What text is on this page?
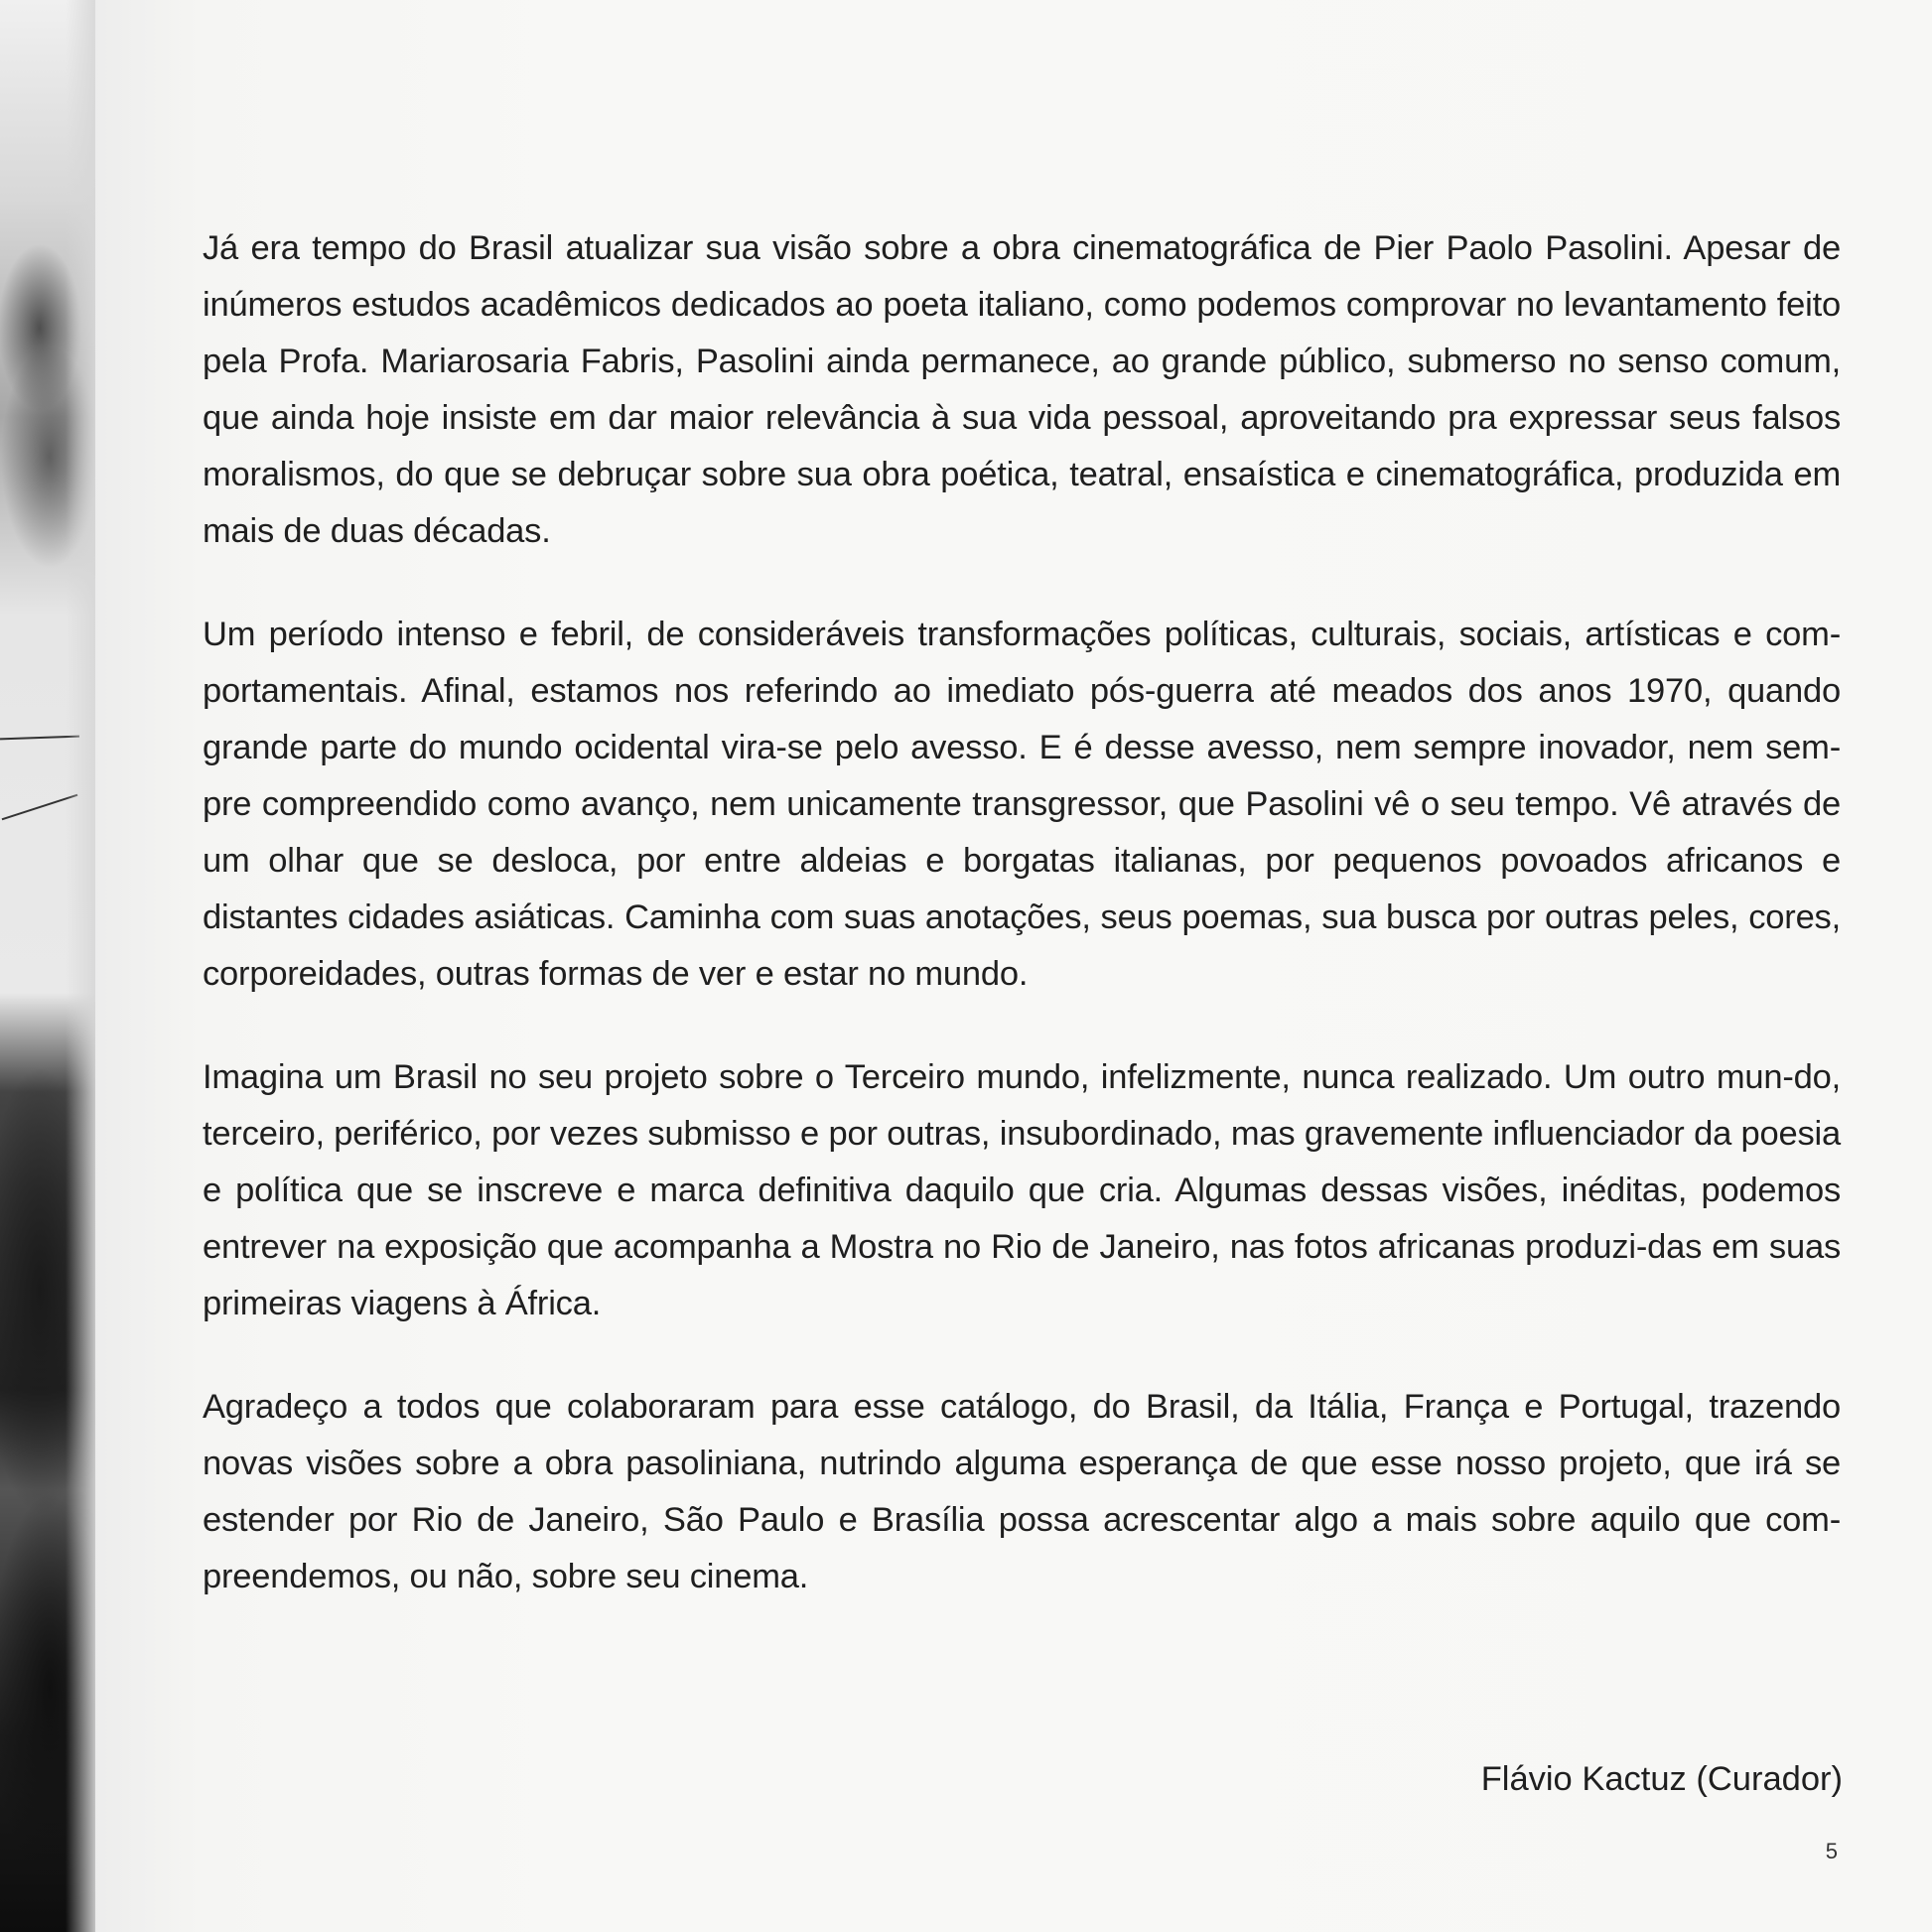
Já era tempo do Brasil atualizar sua visão sobre a obra cinematográfica de Pier Paolo Pasolini. Apesar de inúmeros estudos acadêmicos dedicados ao poeta italiano, como podemos comprovar no levantamento feito pela Profa. Mariarosaria Fabris, Pasolini ainda permanece, ao grande público, submerso no senso comum, que ainda hoje insiste em dar maior relevância à sua vida pessoal, aproveitando pra expressar seus falsos moralismos, do que se debruçar sobre sua obra poética, teatral, ensaística e cinematográfica, produzida em mais de duas décadas.

Um período intenso e febril, de consideráveis transformações políticas, culturais, sociais, artísticas e com-portamentais. Afinal, estamos nos referindo ao imediato pós-guerra até meados dos anos 1970, quando grande parte do mundo ocidental vira-se pelo avesso. E é desse avesso, nem sempre inovador, nem sem-pre compreendido como avanço, nem unicamente transgressor, que Pasolini vê o seu tempo. Vê através de um olhar que se desloca, por entre aldeias e borgatas italianas, por pequenos povoados africanos e distantes cidades asiáticas. Caminha com suas anotações, seus poemas, sua busca por outras peles, cores, corporeidades, outras formas de ver e estar no mundo.

Imagina um Brasil no seu projeto sobre o Terceiro mundo, infelizmente, nunca realizado. Um outro mun-do, terceiro, periférico, por vezes submisso e por outras, insubordinado, mas gravemente influenciador da poesia e política que se inscreve e marca definitiva daquilo que cria. Algumas dessas visões, inéditas, podemos entrever na exposição que acompanha a Mostra no Rio de Janeiro, nas fotos africanas produzi-das em suas primeiras viagens à África.

Agradeço a todos que colaboraram para esse catálogo, do Brasil, da Itália, França e Portugal, trazendo novas visões sobre a obra pasoliniana, nutrindo alguma esperança de que esse nosso projeto, que irá se estender por Rio de Janeiro, São Paulo e Brasília possa acrescentar algo a mais sobre aquilo que com-preendemos, ou não, sobre seu cinema.

Flávio Kactuz (Curador)
5
